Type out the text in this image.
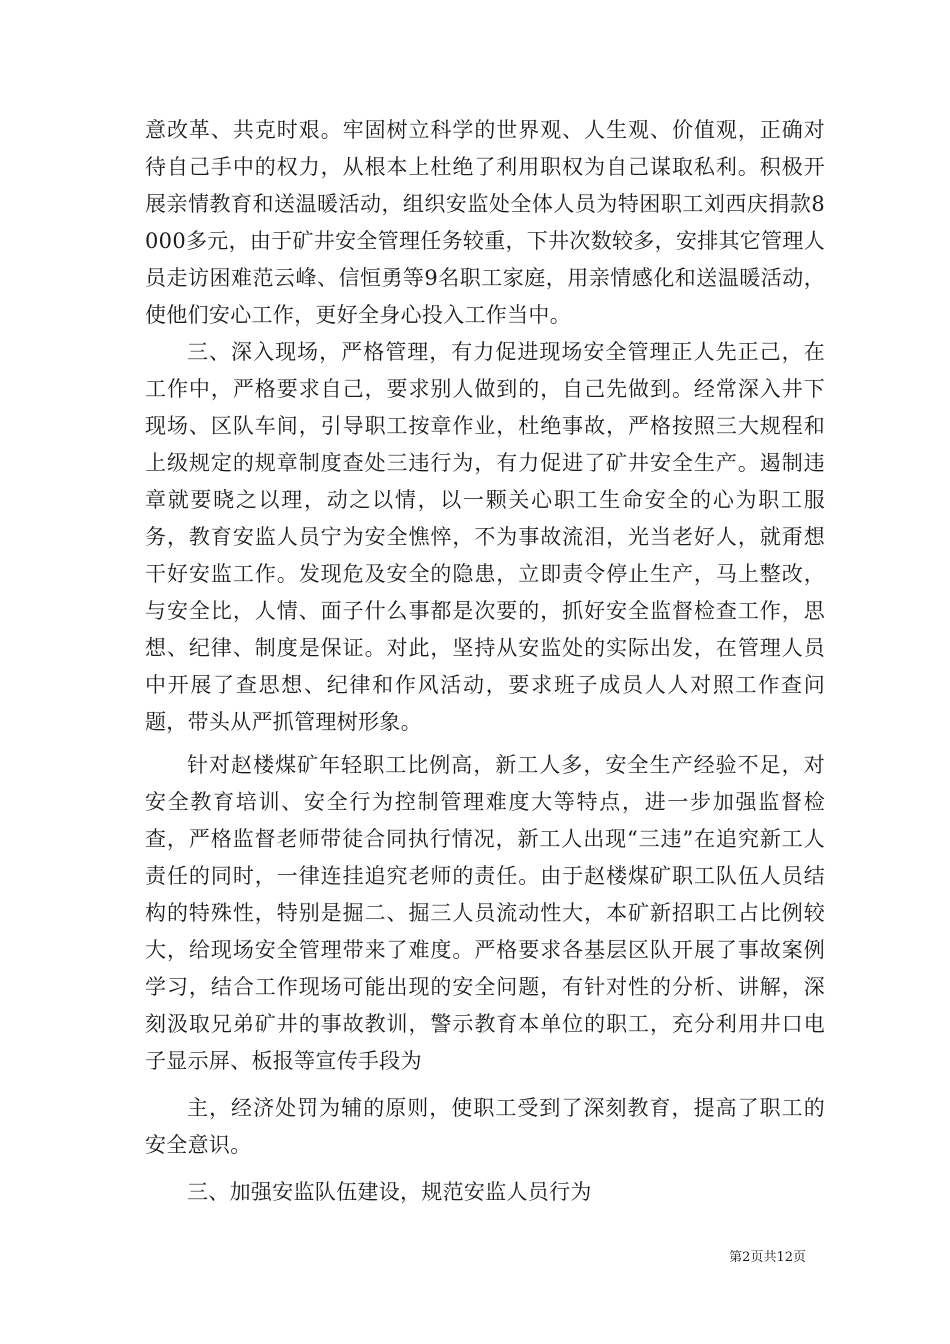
意改革、共克时艰。牢固树立科学的世界观、人生观、价值观，正确对待自己手中的权力，从根本上杜绝了利用职权为自己谋取私利。积极开展亲情教育和送温暖活动，组织安监处全体人员为特困职工刘西庆捐款8000多元，由于矿井安全管理任务较重，下井次数较多，安排其它管理人员走访困难范云峰、信恒勇等9名职工家庭，用亲情感化和送温暖活动，使他们安心工作，更好全身心投入工作当中。

三、深入现场，严格管理，有力促进现场安全管理正人先正己，在工作中，严格要求自己，要求别人做到的，自己先做到。经常深入井下现场、区队车间，引导职工按章作业，杜绝事故，严格按照三大规程和上级规定的规章制度查处三违行为，有力促进了矿井安全生产。遏制违章就要晓之以理，动之以情，以一颗关心职工生命安全的心为职工服务，教育安监人员宁为安全憔悴，不为事故流泪，光当老好人，就甭想干好安监工作。发现危及安全的隐患，立即责令停止生产，马上整改，与安全比，人情、面子什么事都是次要的，抓好安全监督检查工作，思想、纪律、制度是保证。对此，坚持从安监处的实际出发，在管理人员中开展了查思想、纪律和作风活动，要求班子成员人人对照工作查问题，带头从严抓管理树形象。

针对赵楼煤矿年轻职工比例高，新工人多，安全生产经验不足，对安全教育培训、安全行为控制管理难度大等特点，进一步加强监督检查，严格监督老师带徒合同执行情况，新工人出现“三违”在追究新工人责任的同时，一律连挂追究老师的责任。由于赵楼煤矿职工队伍人员结构的特殊性，特别是掘二、掘三人员流动性大，本矿新招职工占比例较大，给现场安全管理带来了难度。严格要求各基层区队开展了事故案例学习，结合工作现场可能出现的安全问题，有针对性的分析、讲解，深刻汲取兄弟矿井的事故教训，警示教育本单位的职工，充分利用井口电子显示屏、板报等宣传手段为

主，经济处罚为辅的原则，使职工受到了深刻教育，提高了职工的安全意识。

三、加强安监队伍建设，规范安监人员行为

第2页共12页
